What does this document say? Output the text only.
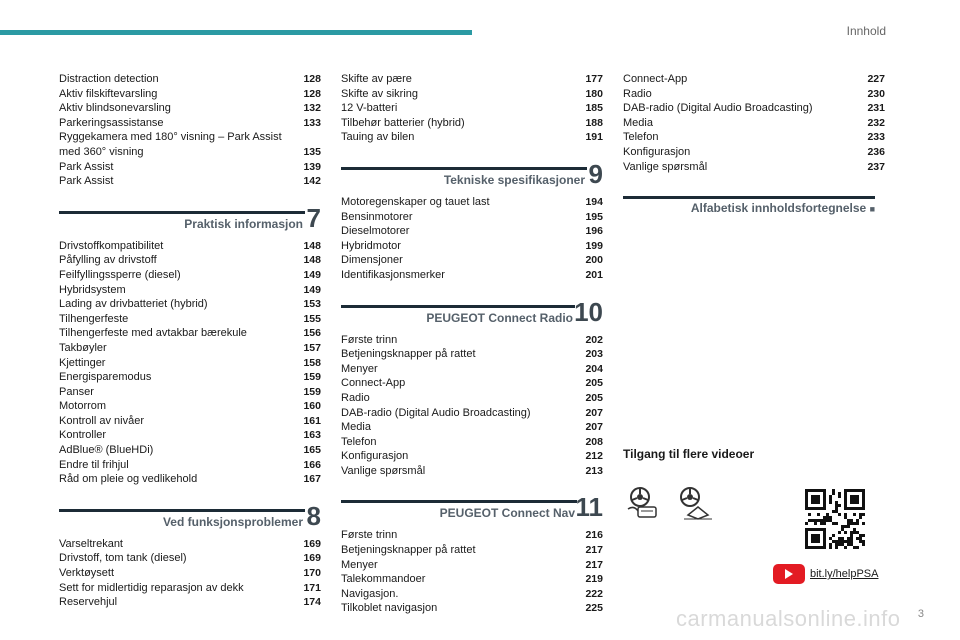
Innhold
Distraction detection	128
Aktiv filskiftevarsling	128
Aktiv blindsonevarsling	132
Parkeringsassistanse	133
Ryggekamera med 180° visning – Park Assist
med 360° visning	135
Park Assist	139
Park Assist	142
Praktisk informasjon 7
Drivstoffkompatibilitet	148
Påfylling av drivstoff	148
Feilfyllingssperre (diesel)	149
Hybridsystem	149
Lading av drivbatteriet (hybrid)	153
Tilhengerfeste	155
Tilhengerfeste med avtakbar bærekule	156
Takbøyler	157
Kjettinger	158
Energisparemodus	159
Panser	159
Motorrom	160
Kontroll av nivåer	161
Kontroller	163
AdBlue® (BlueHDi)	165
Endre til frihjul	166
Råd om pleie og vedlikehold	167
Ved funksjonsproblemer 8
Varseltrekant	169
Drivstoff, tom tank (diesel)	169
Verktøysett	170
Sett for midlertidig reparasjon av dekk	171
Reservehjul	174
Skifte av pære	177
Skifte av sikring	180
12 V-batteri	185
Tilbehør batterier (hybrid)	188
Tauing av bilen	191
Tekniske spesifikasjoner 9
Motoregenskaper og tauet last	194
Bensinmotorer	195
Dieselmotorer	196
Hybridmotor	199
Dimensjoner	200
Identifikasjonsmerker	201
PEUGEOT Connect Radio 10
Første trinn	202
Betjeningsknapper på rattet	203
Menyer	204
Connect-App	205
Radio	205
DAB-radio (Digital Audio Broadcasting)	207
Media	207
Telefon	208
Konfigurasjon	212
Vanlige spørsmål	213
PEUGEOT Connect Nav 11
Første trinn	216
Betjeningsknapper på rattet	217
Menyer	217
Talekommandoer	219
Navigasjon.	222
Tilkoblet navigasjon	225
Connect-App	227
Radio	230
DAB-radio (Digital Audio Broadcasting)	231
Media	232
Telefon	233
Konfigurasjon	236
Vanlige spørsmål	237
Alfabetisk innholdsfortegnelse ■
Tilgang til flere videoer
bit.ly/helpPSA
carmanualsonline.info 3
